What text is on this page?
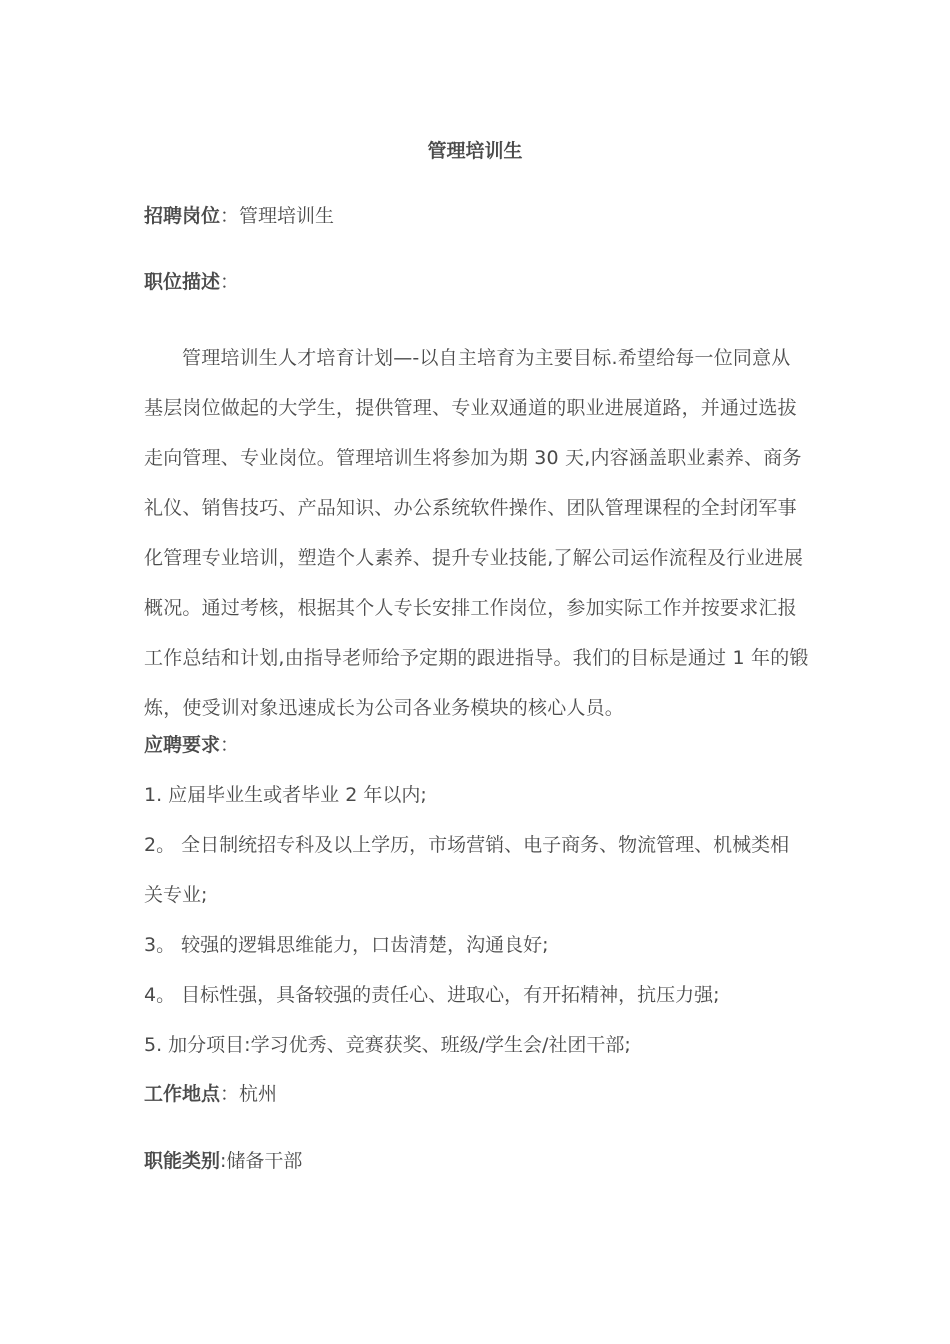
管理培训生
招聘岗位：管理培训生
职位描述：
管理培训生人才培育计划—-以自主培育为主要目标.希望给每一位同意从
基层岗位做起的大学生，提供管理、专业双通道的职业进展道路，并通过选拔
走向管理、专业岗位。管理培训生将参加为期 30 天,内容涵盖职业素养、商务
礼仪、销售技巧、产品知识、办公系统软件操作、团队管理课程的全封闭军事
化管理专业培训，塑造个人素养、提升专业技能,了解公司运作流程及行业进展
概况。通过考核，根据其个人专长安排工作岗位，参加实际工作并按要求汇报
工作总结和计划,由指导老师给予定期的跟进指导。我们的目标是通过 1 年的锻
炼，使受训对象迅速成长为公司各业务模块的核心人员。
应聘要求：
1. 应届毕业生或者毕业 2 年以内;
2。 全日制统招专科及以上学历，市场营销、电子商务、物流管理、机械类相
关专业;
3。 较强的逻辑思维能力，口齿清楚，沟通良好;
4。 目标性强，具备较强的责任心、进取心，有开拓精神，抗压力强;
5. 加分项目:学习优秀、竞赛获奖、班级/学生会/社团干部;
工作地点：杭州
职能类别:储备干部
